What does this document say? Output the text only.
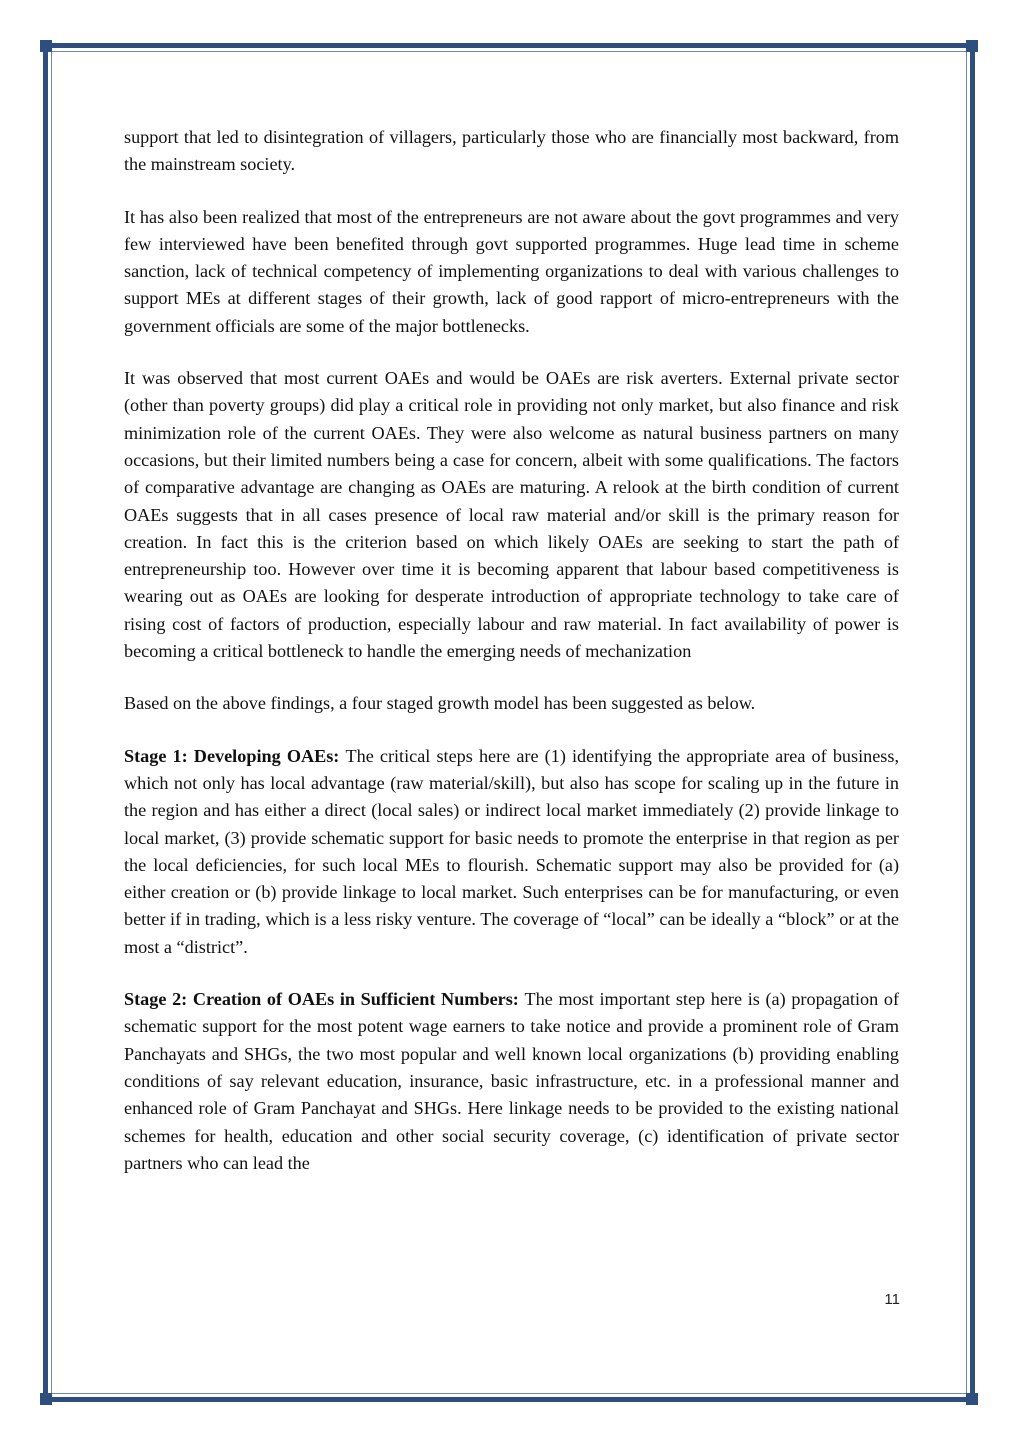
support that led to disintegration of villagers, particularly those who are financially most backward, from the mainstream society.

It has also been realized that most of the entrepreneurs are not aware about the govt programmes and very few interviewed have been benefited through govt supported programmes. Huge lead time in scheme sanction, lack of technical competency of implementing organizations to deal with various challenges to support MEs at different stages of their growth, lack of good rapport of micro-entrepreneurs with the government officials are some of the major bottlenecks.

It was observed that most current OAEs and would be OAEs are risk averters. External private sector (other than poverty groups) did play a critical role in providing not only market, but also finance and risk minimization role of the current OAEs. They were also welcome as natural business partners on many occasions, but their limited numbers being a case for concern, albeit with some qualifications. The factors of comparative advantage are changing as OAEs are maturing. A relook at the birth condition of current OAEs suggests that in all cases presence of local raw material and/or skill is the primary reason for creation. In fact this is the criterion based on which likely OAEs are seeking to start the path of entrepreneurship too. However over time it is becoming apparent that labour based competitiveness is wearing out as OAEs are looking for desperate introduction of appropriate technology to take care of rising cost of factors of production, especially labour and raw material. In fact availability of power is becoming a critical bottleneck to handle the emerging needs of mechanization

Based on the above findings, a four staged growth model has been suggested as below.

Stage 1: Developing OAEs: The critical steps here are (1) identifying the appropriate area of business, which not only has local advantage (raw material/skill), but also has scope for scaling up in the future in the region and has either a direct (local sales) or indirect local market immediately (2) provide linkage to local market, (3) provide schematic support for basic needs to promote the enterprise in that region as per the local deficiencies, for such local MEs to flourish. Schematic support may also be provided for (a) either creation or (b) provide linkage to local market. Such enterprises can be for manufacturing, or even better if in trading, which is a less risky venture. The coverage of “local” can be ideally a “block” or at the most a “district”.

Stage 2: Creation of OAEs in Sufficient Numbers: The most important step here is (a) propagation of schematic support for the most potent wage earners to take notice and provide a prominent role of Gram Panchayats and SHGs, the two most popular and well known local organizations (b) providing enabling conditions of say relevant education, insurance, basic infrastructure, etc. in a professional manner and enhanced role of Gram Panchayat and SHGs. Here linkage needs to be provided to the existing national schemes for health, education and other social security coverage, (c) identification of private sector partners who can lead the

11
